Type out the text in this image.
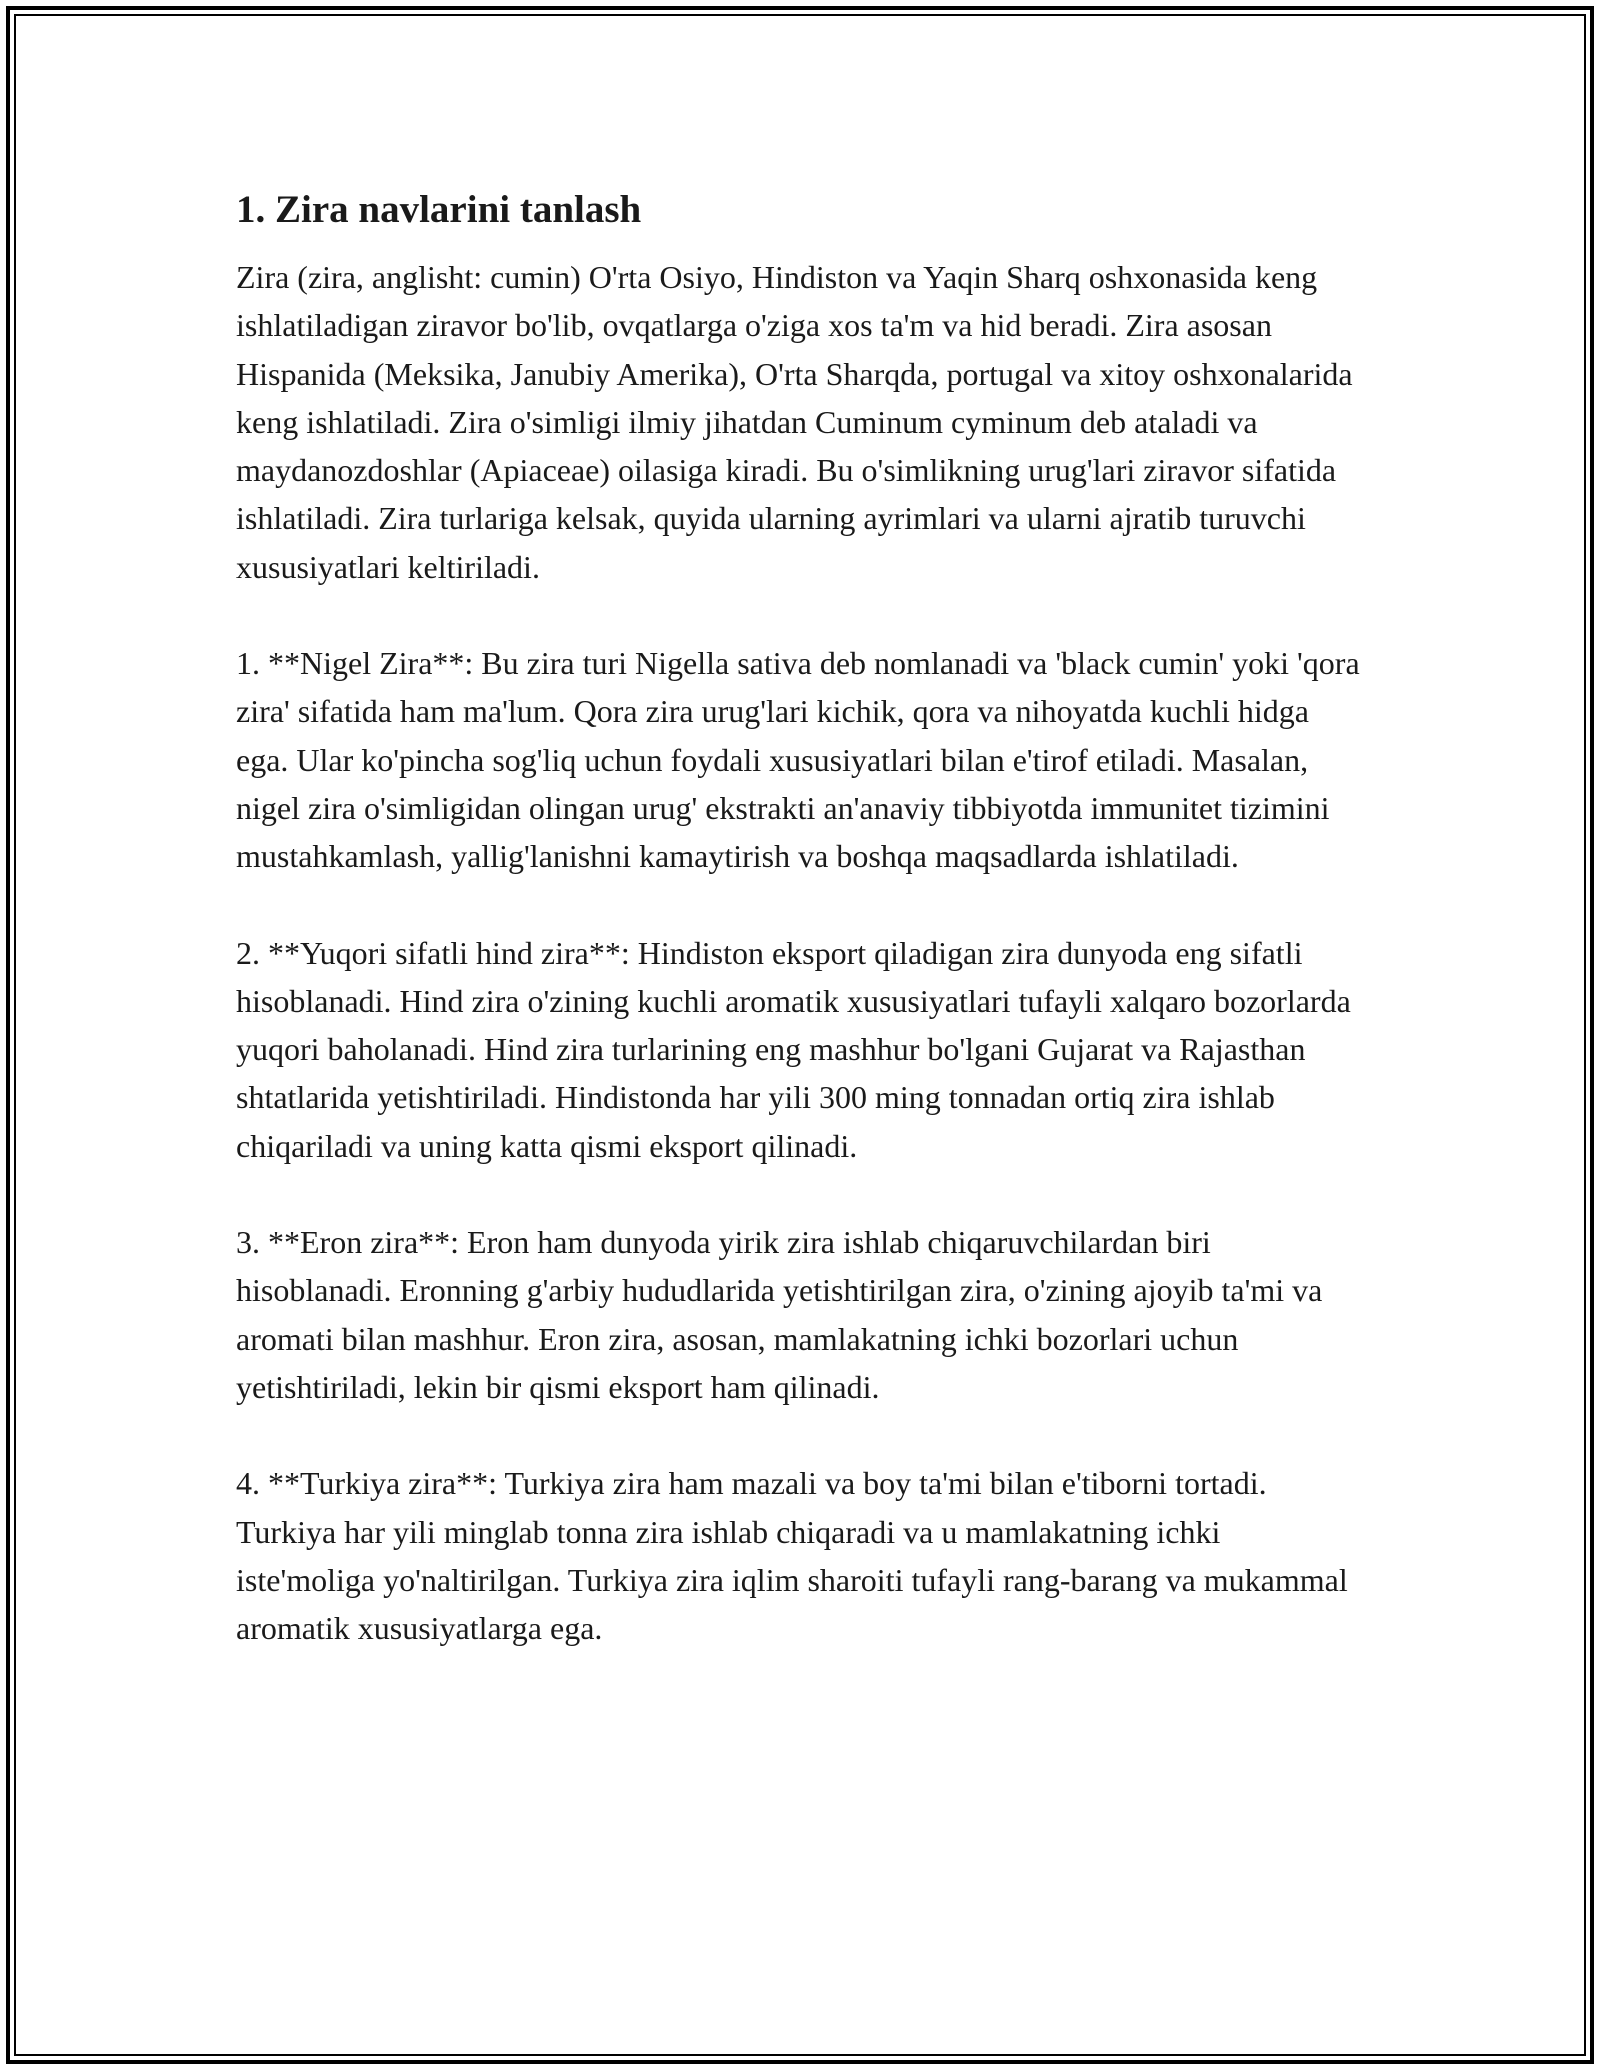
1. Zira navlarini tanlash

Zira (zira, anglisht: cumin) O'rta Osiyo, Hindiston va Yaqin Sharq oshxonasida keng ishlatiladigan ziravor bo'lib, ovqatlarga o'ziga xos ta'm va hid beradi. Zira asosan Hispanida (Meksika, Janubiy Amerika), O'rta Sharqda, portugal va xitoy oshxonalarida keng ishlatiladi. Zira o'simligi ilmiy jihatdan Cuminum cyminum deb ataladi va maydanozdoshlar (Apiaceae) oilasiga kiradi. Bu o'simlikning urug'lari ziravor sifatida ishlatiladi. Zira turlariga kelsak, quyida ularning ayrimlari va ularni ajratib turuvchi xususiyatlari keltiriladi.

1. **Nigel Zira**: Bu zira turi Nigella sativa deb nomlanadi va 'black cumin' yoki 'qora zira' sifatida ham ma'lum. Qora zira urug'lari kichik, qora va nihoyatda kuchli hidga ega. Ular ko'pincha sog'liq uchun foydali xususiyatlari bilan e'tirof etiladi. Masalan, nigel zira o'simligidan olingan urug' ekstrakti an'anaviy tibbiyotda immunitet tizimini mustahkamlash, yallig'lanishni kamaytirish va boshqa maqsadlarda ishlatiladi.

2. **Yuqori sifatli hind zira**: Hindiston eksport qiladigan zira dunyoda eng sifatli hisoblanadi. Hind zira o'zining kuchli aromatik xususiyatlari tufayli xalqaro bozorlarda yuqori baholanadi. Hind zira turlarining eng mashhur bo'lgani Gujarat va Rajasthan shtatlarida yetishtiriladi. Hindistonda har yili 300 ming tonnadan ortiq zira ishlab chiqariladi va uning katta qismi eksport qilinadi.

3. **Eron zira**: Eron ham dunyoda yirik zira ishlab chiqaruvchilardan biri hisoblanadi. Eronning g'arbiy hududlarida yetishtirilgan zira, o'zining ajoyib ta'mi va aromati bilan mashhur. Eron zira, asosan, mamlakatning ichki bozorlari uchun yetishtiriladi, lekin bir qismi eksport ham qilinadi.

4. **Turkiya zira**: Turkiya zira ham mazali va boy ta'mi bilan e'tiborni tortadi. Turkiya har yili minglab tonna zira ishlab chiqaradi va u mamlakatning ichki iste'moliga yo'naltirilgan. Turkiya zira iqlim sharoiti tufayli rang-barang va mukammal aromatik xususiyatlarga ega.
